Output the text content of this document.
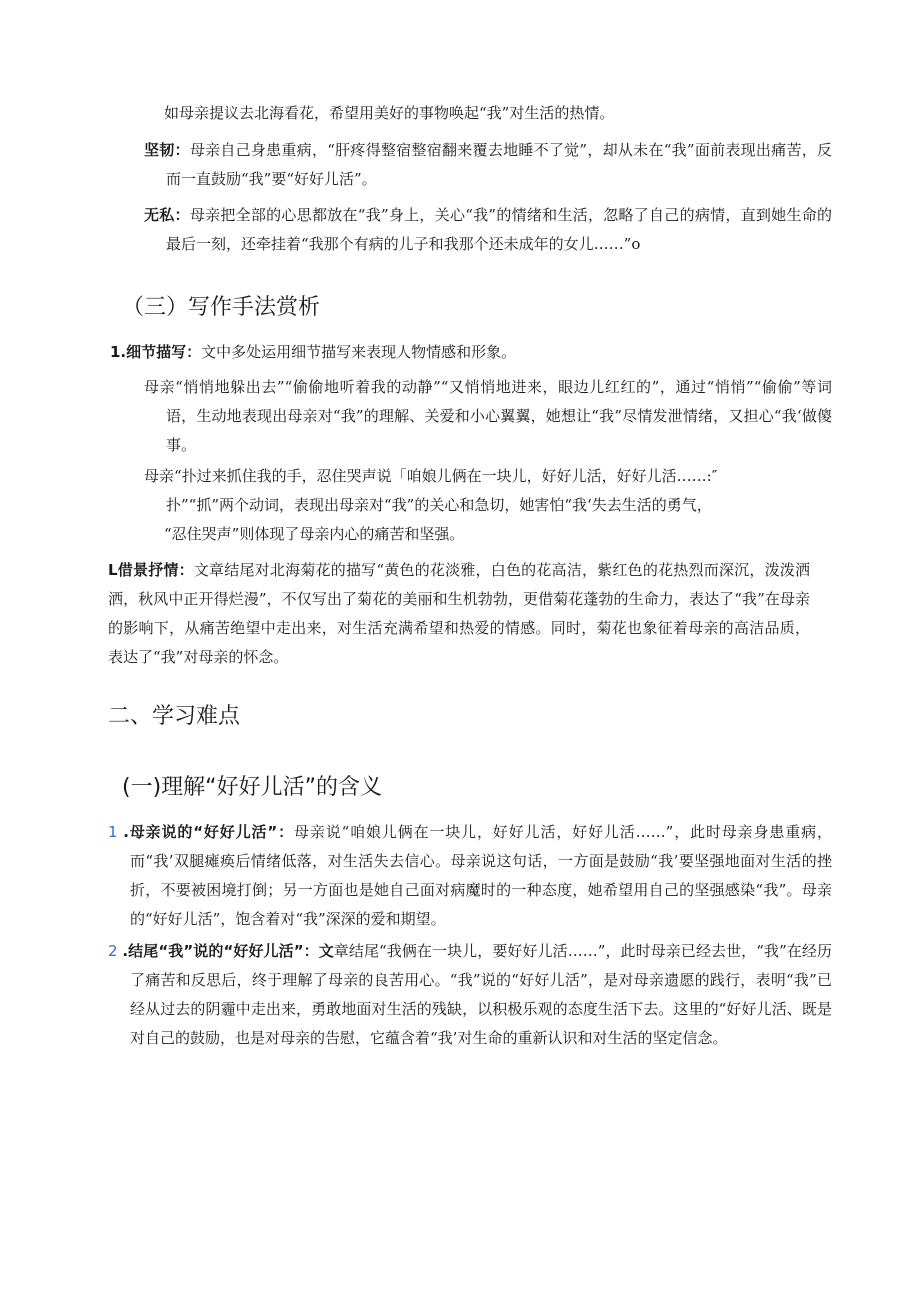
如母亲提议去北海看花，希望用美好的事物唤起“我”对生活的热情。
坚韧：母亲自己身患重病，“肝疼得整宿整宿翻来覆去地睡不了觉”，却从未在“我”面前表现出痛苦，反而一直鼓励“我”要“好好儿活”。
无私：母亲把全部的心思都放在“我”身上，关心“我”的情绪和生活，忽略了自己的病情，直到她生命的最后一刻，还牵挂着“我那个有病的儿子和我那个还未成年的女儿……”o
（三）写作手法赏析
1.细节描写：文中多处运用细节描写来表现人物情感和形象。
母亲“悄悄地躲出去”“偷偷地听着我的动静”“又悄悄地进来，眼边儿红红的”，通过“悄悄”“偷偷”等词语，生动地表现出母亲对“我”的理解、关爱和小心翼翼，她想让“我”尽情发泄情绪，又担心“我‘做傻事。
母亲“扑过来抓住我的手，忍住哭声说「咱娘儿俩在一块儿，好好儿活，好好儿活……:″
扑”“抓”两个动词，表现出母亲对“我”的关心和急切，她害怕“我‘失去生活的勇气，
“忍住哭声”则体现了母亲内心的痛苦和坚强。
L借景抒情：文章结尾对北海菊花的描写“黄色的花淡雅，白色的花高洁，紫红色的花热烈而深沉，泼泼洒洒，秋风中正开得烂漫”，不仅写出了菊花的美丽和生机勃勃，更借菊花蓬勃的生命力，表达了“我”在母亲的影响下，从痛苦绝望中走出来，对生活充满希望和热爱的情感。同时，菊花也象征着母亲的高洁品质，表达了“我”对母亲的怀念。
二、学习难点
(一)理解“好好儿活”的含义
1 .母亲说的“好好儿活”：母亲说“咱娘儿俩在一块儿，好好儿活，好好儿活……”，此时母亲身患重病，而“我’双腿瘫痪后情绪低落，对生活失去信心。母亲说这句话，一方面是鼓励“我’要坚强地面对生活的挫折，不要被困境打倒；另一方面也是她自己面对病魔时的一种态度，她希望用自己的坚强感染“我”。母亲的“好好儿活”，饱含着对“我”深深的爱和期望。
2 .结尾“我”说的“好好儿活”：文章结尾“我俩在一块儿，要好好儿活……”，此时母亲已经去世，“我”在经历了痛苦和反思后，终于理解了母亲的良苦用心。“我”说的“好好儿活”，是对母亲遗愿的践行，表明“我”已经从过去的阴霾中走出来，勇敢地面对生活的残缺，以积极乐观的态度生活下去。这里的“好好儿活、既是对自己的鼓励，也是对母亲的告慰，它蕴含着“我’对生命的重新认识和对生活的坚定信念。
